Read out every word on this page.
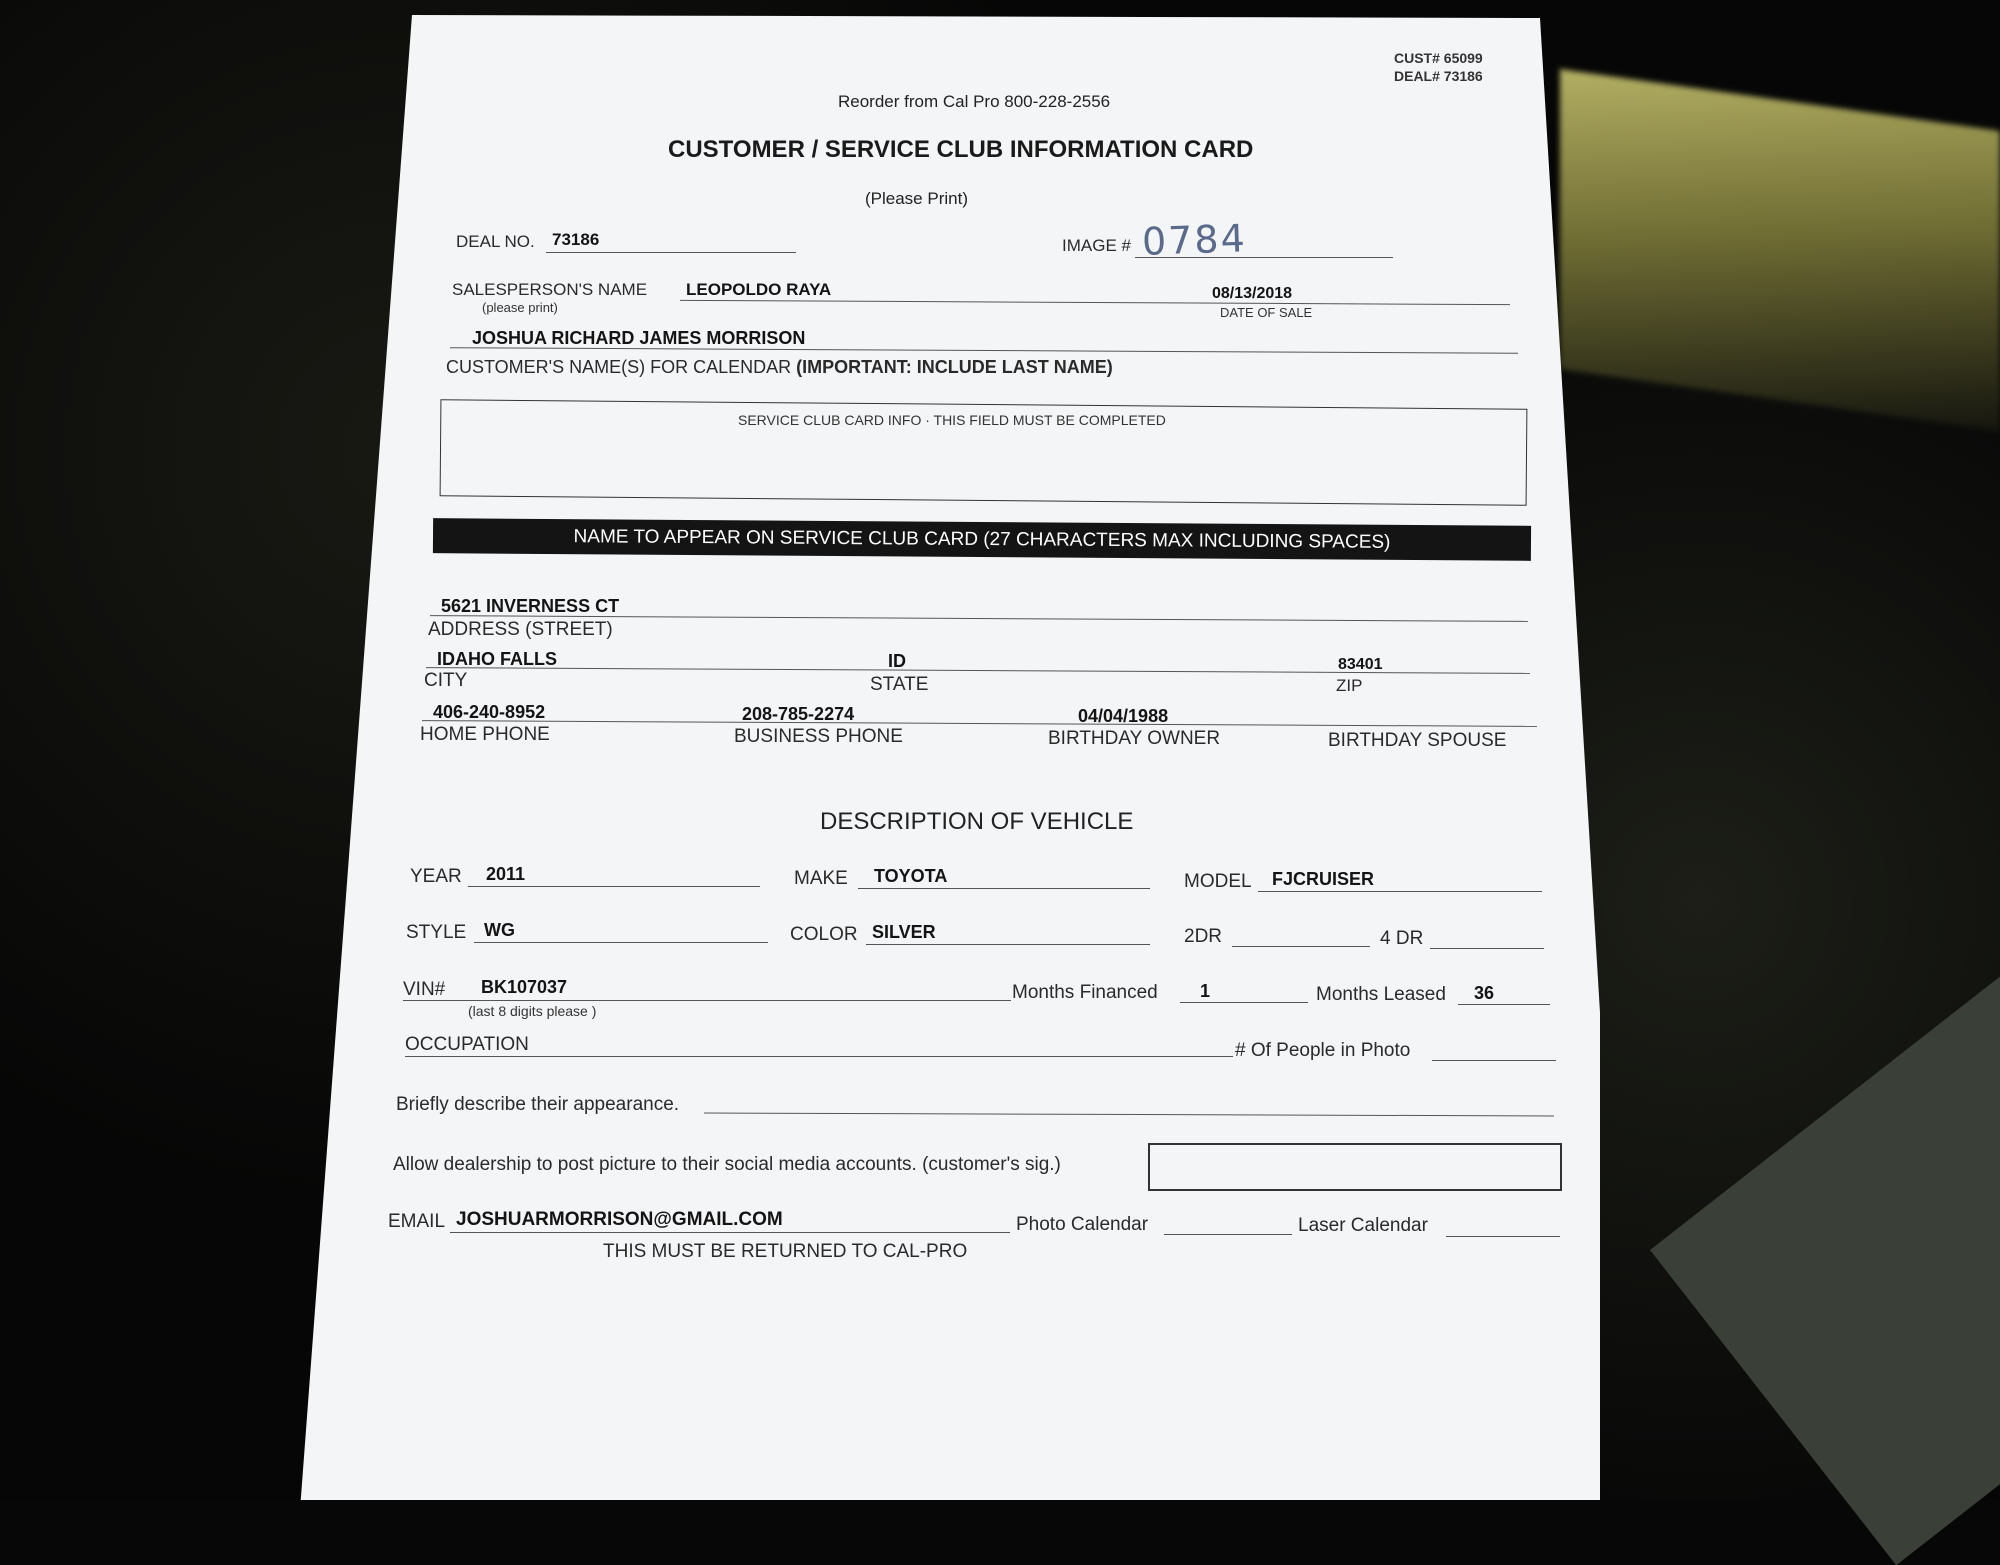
CUST# 65099
DEAL# 73186
Reorder from Cal Pro 800-228-2556
CUSTOMER / SERVICE CLUB INFORMATION CARD
(Please Print)
DEAL NO. 73186	IMAGE # 0784
SALESPERSON'S NAME
(please print)
LEOPOLDO RAYA	08/13/2018
DATE OF SALE
JOSHUA RICHARD JAMES MORRISON
CUSTOMER'S NAME(S) FOR CALENDAR (IMPORTANT: INCLUDE LAST NAME)
SERVICE CLUB CARD INFO · THIS FIELD MUST BE COMPLETED
NAME TO APPEAR ON SERVICE CLUB CARD (27 CHARACTERS MAX INCLUDING SPACES)
5621 INVERNESS CT
ADDRESS (STREET)
IDAHO FALLS	ID	83401
CITY	STATE	ZIP
406-240-8952	208-785-2274	04/04/1988
HOME PHONE	BUSINESS PHONE	BIRTHDAY OWNER	BIRTHDAY SPOUSE
DESCRIPTION OF VEHICLE
YEAR 2011	MAKE TOYOTA	MODEL FJCRUISER
STYLE WG	COLOR SILVER	2DR	4 DR
VIN# BK107037
(last 8 digits please )
Months Financed 1	Months Leased 36
OCCUPATION	# Of People in Photo
Briefly describe their appearance.
Allow dealership to post picture to their social media accounts. (customer's sig.)
EMAIL JOSHUARMORRISON@GMAIL.COM	Photo Calendar	Laser Calendar
THIS MUST BE RETURNED TO CAL-PRO
